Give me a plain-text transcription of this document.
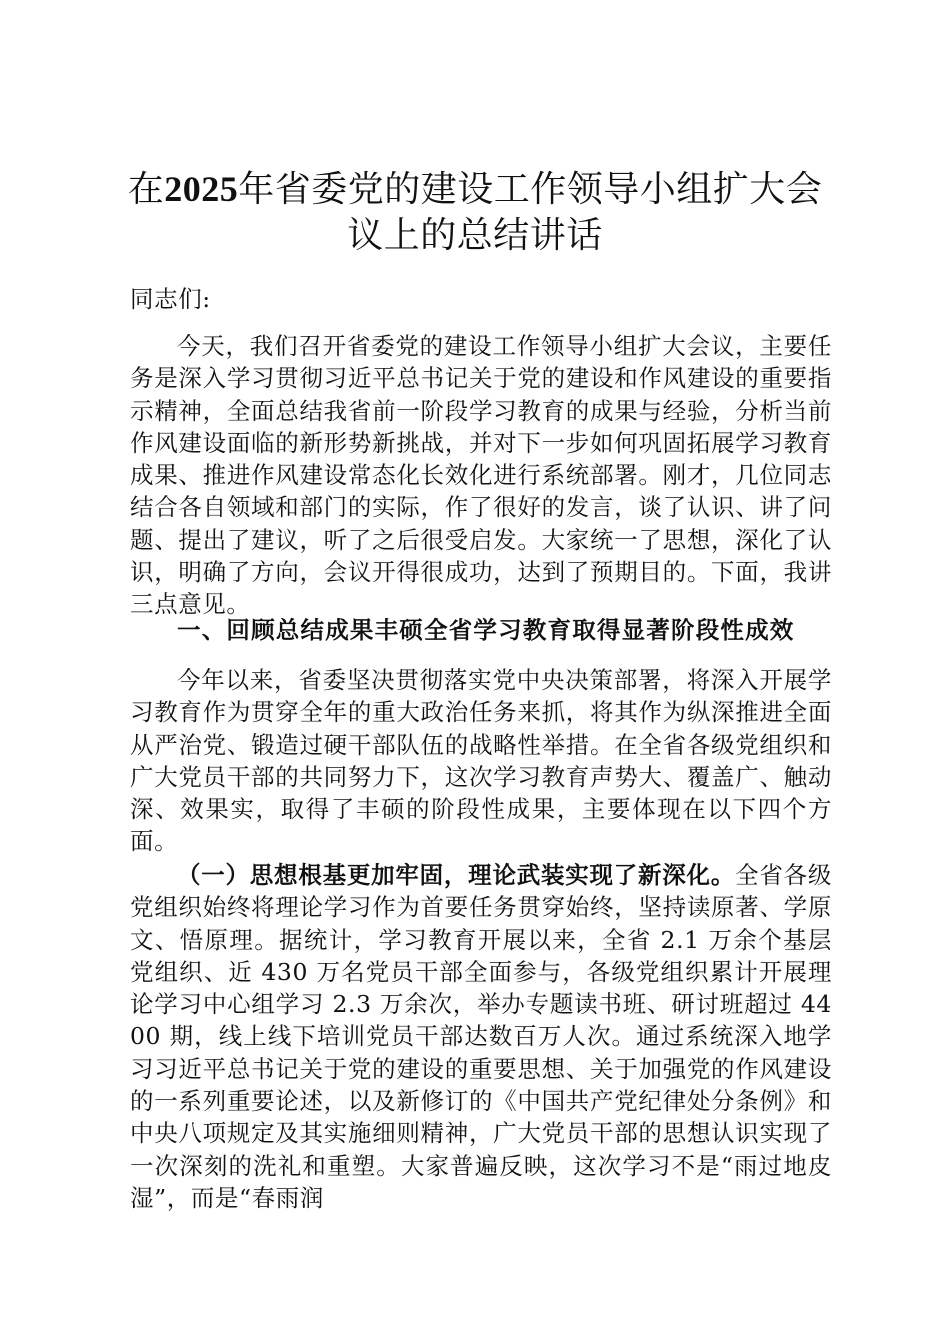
在2025年省委党的建设工作领导小组扩大会议上的总结讲话

同志们:

今天，我们召开省委党的建设工作领导小组扩大会议，主要任务是深入学习贯彻习近平总书记关于党的建设和作风建设的重要指示精神，全面总结我省前一阶段学习教育的成果与经验，分析当前作风建设面临的新形势新挑战，并对下一步如何巩固拓展学习教育成果、推进作风建设常态化长效化进行系统部署。刚才，几位同志结合各自领域和部门的实际，作了很好的发言，谈了认识、讲了问题、提出了建议，听了之后很受启发。大家统一了思想，深化了认识，明确了方向，会议开得很成功，达到了预期目的。下面，我讲三点意见。

一、回顾总结成果丰硕全省学习教育取得显著阶段性成效

今年以来，省委坚决贯彻落实党中央决策部署，将深入开展学习教育作为贯穿全年的重大政治任务来抓，将其作为纵深推进全面从严治党、锻造过硬干部队伍的战略性举措。在全省各级党组织和广大党员干部的共同努力下，这次学习教育声势大、覆盖广、触动深、效果实，取得了丰硕的阶段性成果，主要体现在以下四个方面。

（一）思想根基更加牢固，理论武装实现了新深化。全省各级党组织始终将理论学习作为首要任务贯穿始终，坚持读原著、学原文、悟原理。据统计，学习教育开展以来，全省 2.1 万余个基层党组织、近 430 万名党员干部全面参与，各级党组织累计开展理论学习中心组学习 2.3 万余次，举办专题读书班、研讨班超过 4400 期，线上线下培训党员干部达数百万人次。通过系统深入地学习习近平总书记关于党的建设的重要思想、关于加强党的作风建设的一系列重要论述，以及新修订的《中国共产党纪律处分条例》和中央八项规定及其实施细则精神，广大党员干部的思想认识实现了一次深刻的洗礼和重塑。大家普遍反映，这次学习不是“雨过地皮湿”，而是“春雨润
